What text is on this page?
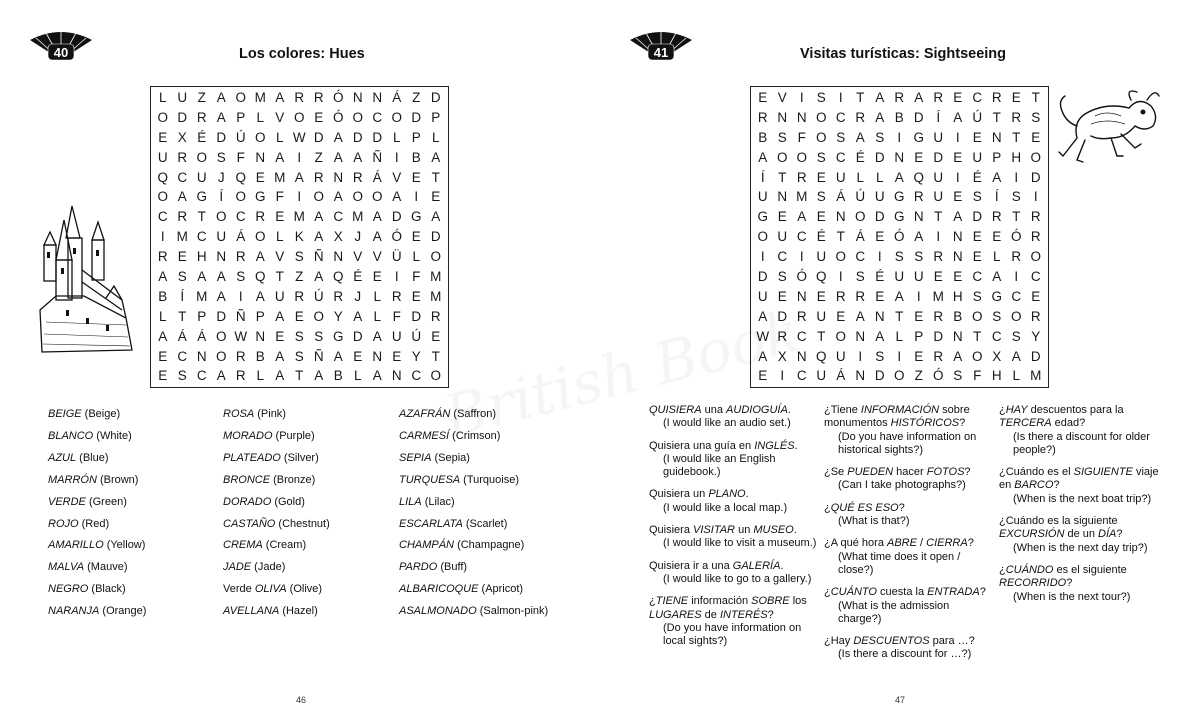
40	Los colores: Hues
L U Z A O M A R R Ó N N Á Z D
O D R A P L V O E Ó O C O D P
E X É D Ú O L W D A D D L P L
U R O S F N A I	Z A A Ñ I B A
Q C U J Q E M A R N R Á V E T
O A G Í O G F I O A O O A I E
C R T O C R E M A C M A D G A
I M C U Á O L K A X J A Ó E D
R E H N R A V S Ñ N V V Ü L O
A S A A S Q T Z A Q É E I	F M
B Í M A I A U R Ú R J L R E M
L T P D Ñ P A E O Y A L F D R
A Á Á O W N E S S G D A U Ú E
E C N O R B A S Ñ A E N E Y T
E S C A R L A T A B L A N C O
BEIGE (Beige)
BLANCO (White)
AZUL (Blue)
MARRÓN (Brown)
VERDE (Green)
ROJO (Red)
AMARILLO (Yellow)
MALVA (Mauve)
NEGRO (Black)
NARANJA (Orange)
ROSA (Pink)
MORADO (Purple)
PLATEADO (Silver)
BRONCE (Bronze)
DORADO (Gold)
CASTAÑO (Chestnut)
CREMA (Cream)
JADE (Jade)
Verde OLIVA (Olive)
AVELLANA (Hazel)
AZAFRÁN (Saffron)
CARMESÍ (Crimson)
SEPIA (Sepia)
TURQUESA (Turquoise)
LILA (Lilac)
ESCARLATA (Scarlet)
CHAMPÁN (Champagne)
PARDO (Buff)
ALBARICOQUE (Apricot)
ASALMONADO (Salmon-pink)
46
41	Visitas turísticas: Sightseeing
E V I S I	T A R A R E C R E T
R N N O C R A B D Í A Ú T R S
B S F O S A S I G U I E N T E
A O O S C É D N E D E U P H O
Í	T R E U L L A Q U I É A I D
U N M S Á Ú U G R U E S Í S I
G E A E N O D G N T A D R T R
O U C É T Á E Ó A I N E E Ó R
I C I U O C I S S R N E L R O
D S Ó Q I S É U U E E C A I C
U E N E R R E A I M H S G C E
A D R U E A N T E R B O S O R
W R C T O N A L P D N T C S Y
A X N Q U I S I E R A O X A D
E I C U Á N D O Z Ó S F H L M
QUISIERA una AUDIOGUÍA.
(I would like an audio set.)
Quisiera una guía en INGLÉS.
(I would like an English guidebook.)
Quisiera un PLANO.
(I would like a local map.)
Quisiera VISITAR un MUSEO.
(I would like to visit a museum.)
Quisiera ir a una GALERÍA.
(I would like to go to a gallery.)
¿TIENE información SOBRE los LUGARES de INTERÉS?
(Do you have information on local sights?)
¿Tiene INFORMACIÓN sobre monumentos HISTÓRICOS?
(Do you have information on historical sights?)
¿Se PUEDEN hacer FOTOS?
(Can I take photographs?)
¿QUÉ ES ESO?
(What is that?)
¿A qué hora ABRE / CIERRA?
(What time does it open / close?)
¿CUÁNTO cuesta la ENTRADA?
(What is the admission charge?)
¿Hay DESCUENTOS para …?
(Is there a discount for …?)
¿HAY descuentos para la TERCERA edad?
(Is there a discount for older people?)
¿Cuándo es el SIGUIENTE viaje en BARCO?
(When is the next boat trip?)
¿Cuándo es la siguiente EXCURSIÓN de un DÍA?
(When is the next day trip?)
¿CUÁNDO es el siguiente RECORRIDO?
(When is the next tour?)
47
